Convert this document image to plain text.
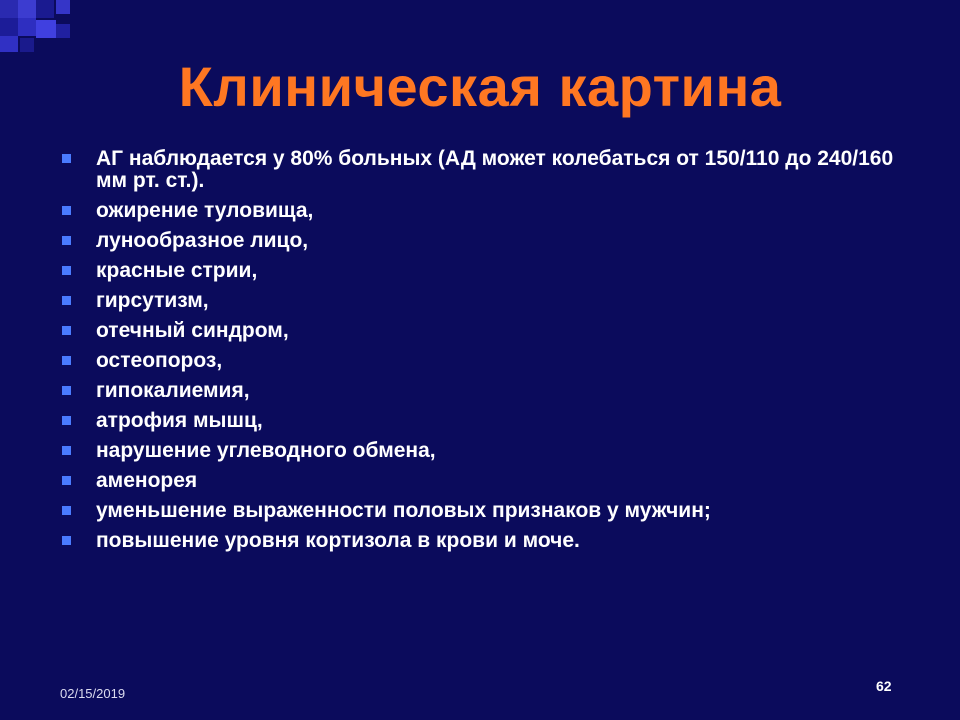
Клиническая картина
АГ наблюдается у 80% больных (АД может колебаться от 150/110 до 240/160 мм рт. ст.).
ожирение туловища,
лунообразное лицо,
красные стрии,
гирсутизм,
отечный синдром,
остеопороз,
гипокалиемия,
атрофия мышц,
нарушение углеводного обмена,
аменорея
уменьшение выраженности половых признаков у мужчин;
повышение уровня кортизола в крови и моче.
02/15/2019	62
